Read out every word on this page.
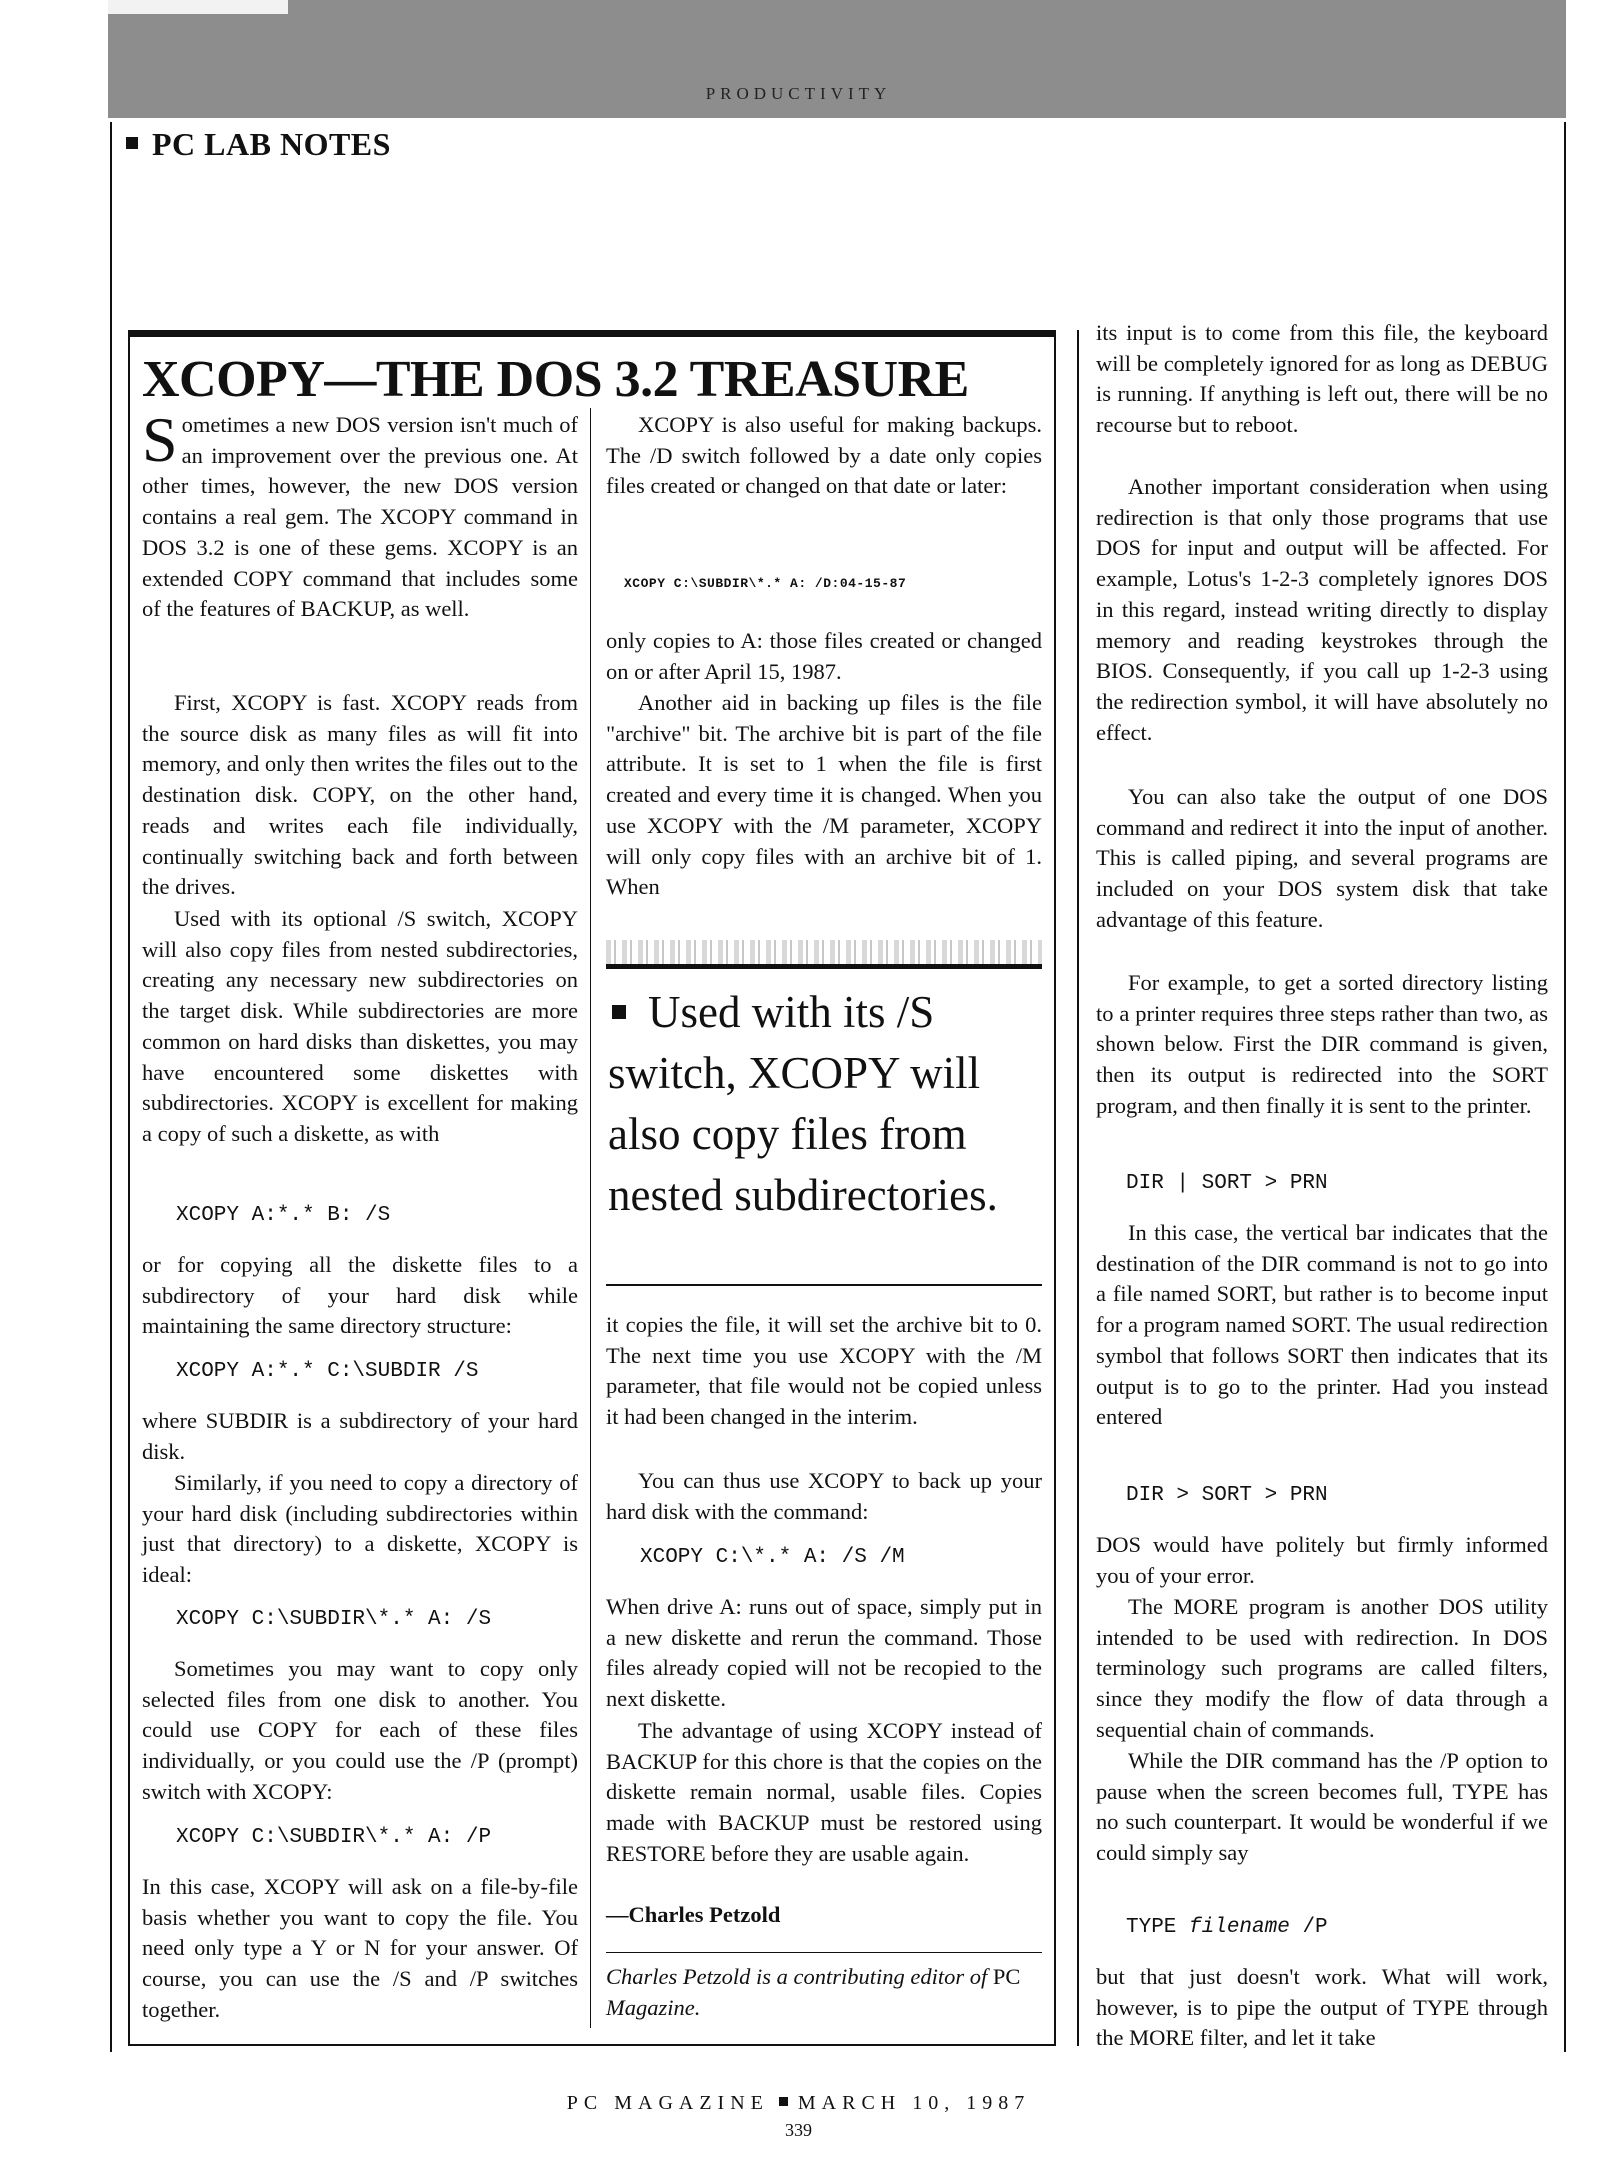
PRODUCTIVITY
PC LAB NOTES
XCOPY—THE DOS 3.2 TREASURE

Sometimes a new DOS version isn't much of an improvement over the previous one. At other times, however, the new DOS version contains a real gem. The XCOPY command in DOS 3.2 is one of these gems. XCOPY is an extended COPY command that includes some of the features of BACKUP, as well.

First, XCOPY is fast. XCOPY reads from the source disk as many files as will fit into memory, and only then writes the files out to the destination disk. COPY, on the other hand, reads and writes each file individually, continually switching back and forth between the drives.

Used with its optional /S switch, XCOPY will also copy files from nested subdirectories, creating any necessary new subdirectories on the target disk. While subdirectories are more common on hard disks than diskettes, you may have encountered some diskettes with subdirectories. XCOPY is excellent for making a copy of such a diskette, as with

XCOPY A:*.* B: /S

or for copying all the diskette files to a subdirectory of your hard disk while maintaining the same directory structure:

XCOPY A:*.* C:\SUBDIR /S

where SUBDIR is a subdirectory of your hard disk.

Similarly, if you need to copy a directory of your hard disk (including subdirectories within just that directory) to a diskette, XCOPY is ideal:

XCOPY C:\SUBDIR\*.* A: /S

Sometimes you may want to copy only selected files from one disk to another. You could use COPY for each of these files individually, or you could use the /P (prompt) switch with XCOPY:

XCOPY C:\SUBDIR\*.* A: /P

In this case, XCOPY will ask on a file-by-file basis whether you want to copy the file. You need only type a Y or N for your answer. Of course, you can use the /S and /P switches together.

XCOPY is also useful for making backups. The /D switch followed by a date only copies files created or changed on that date or later:

XCOPY C:\SUBDIR\*.* A: /D:04-15-87

only copies to A: those files created or changed on or after April 15, 1987.

Another aid in backing up files is the file "archive" bit. The archive bit is part of the file attribute. It is set to 1 when the file is first created and every time it is changed. When you use XCOPY with the /M parameter, XCOPY will only copy files with an archive bit of 1. When

Used with its /S switch, XCOPY will also copy files from nested subdirectories.

it copies the file, it will set the archive bit to 0. The next time you use XCOPY with the /M parameter, that file would not be copied unless it had been changed in the interim.

You can thus use XCOPY to back up your hard disk with the command:

XCOPY C:\*.* A: /S /M

When drive A: runs out of space, simply put in a new diskette and rerun the command. Those files already copied will not be recopied to the next diskette.

The advantage of using XCOPY instead of BACKUP for this chore is that the copies on the diskette remain normal, usable files. Copies made with BACKUP must be restored using RESTORE before they are usable again.

—Charles Petzold

Charles Petzold is a contributing editor of PC Magazine.

its input is to come from this file, the keyboard will be completely ignored for as long as DEBUG is running. If anything is left out, there will be no recourse but to reboot.

Another important consideration when using redirection is that only those programs that use DOS for input and output will be affected. For example, Lotus's 1-2-3 completely ignores DOS in this regard, instead writing directly to display memory and reading keystrokes through the BIOS. Consequently, if you call up 1-2-3 using the redirection symbol, it will have absolutely no effect.

You can also take the output of one DOS command and redirect it into the input of another. This is called piping, and several programs are included on your DOS system disk that take advantage of this feature.

For example, to get a sorted directory listing to a printer requires three steps rather than two, as shown below. First the DIR command is given, then its output is redirected into the SORT program, and then finally it is sent to the printer.

DIR | SORT > PRN

In this case, the vertical bar indicates that the destination of the DIR command is not to go into a file named SORT, but rather is to become input for a program named SORT. The usual redirection symbol that follows SORT then indicates that its output is to go to the printer. Had you instead entered

DIR > SORT > PRN

DOS would have politely but firmly informed you of your error.

The MORE program is another DOS utility intended to be used with redirection. In DOS terminology such programs are called filters, since they modify the flow of data through a sequential chain of commands.

While the DIR command has the /P option to pause when the screen becomes full, TYPE has no such counterpart. It would be wonderful if we could simply say

TYPE filename /P

but that just doesn't work. What will work, however, is to pipe the output of TYPE through the MORE filter, and let it take

PC MAGAZINE MARCH 10, 1987
339
